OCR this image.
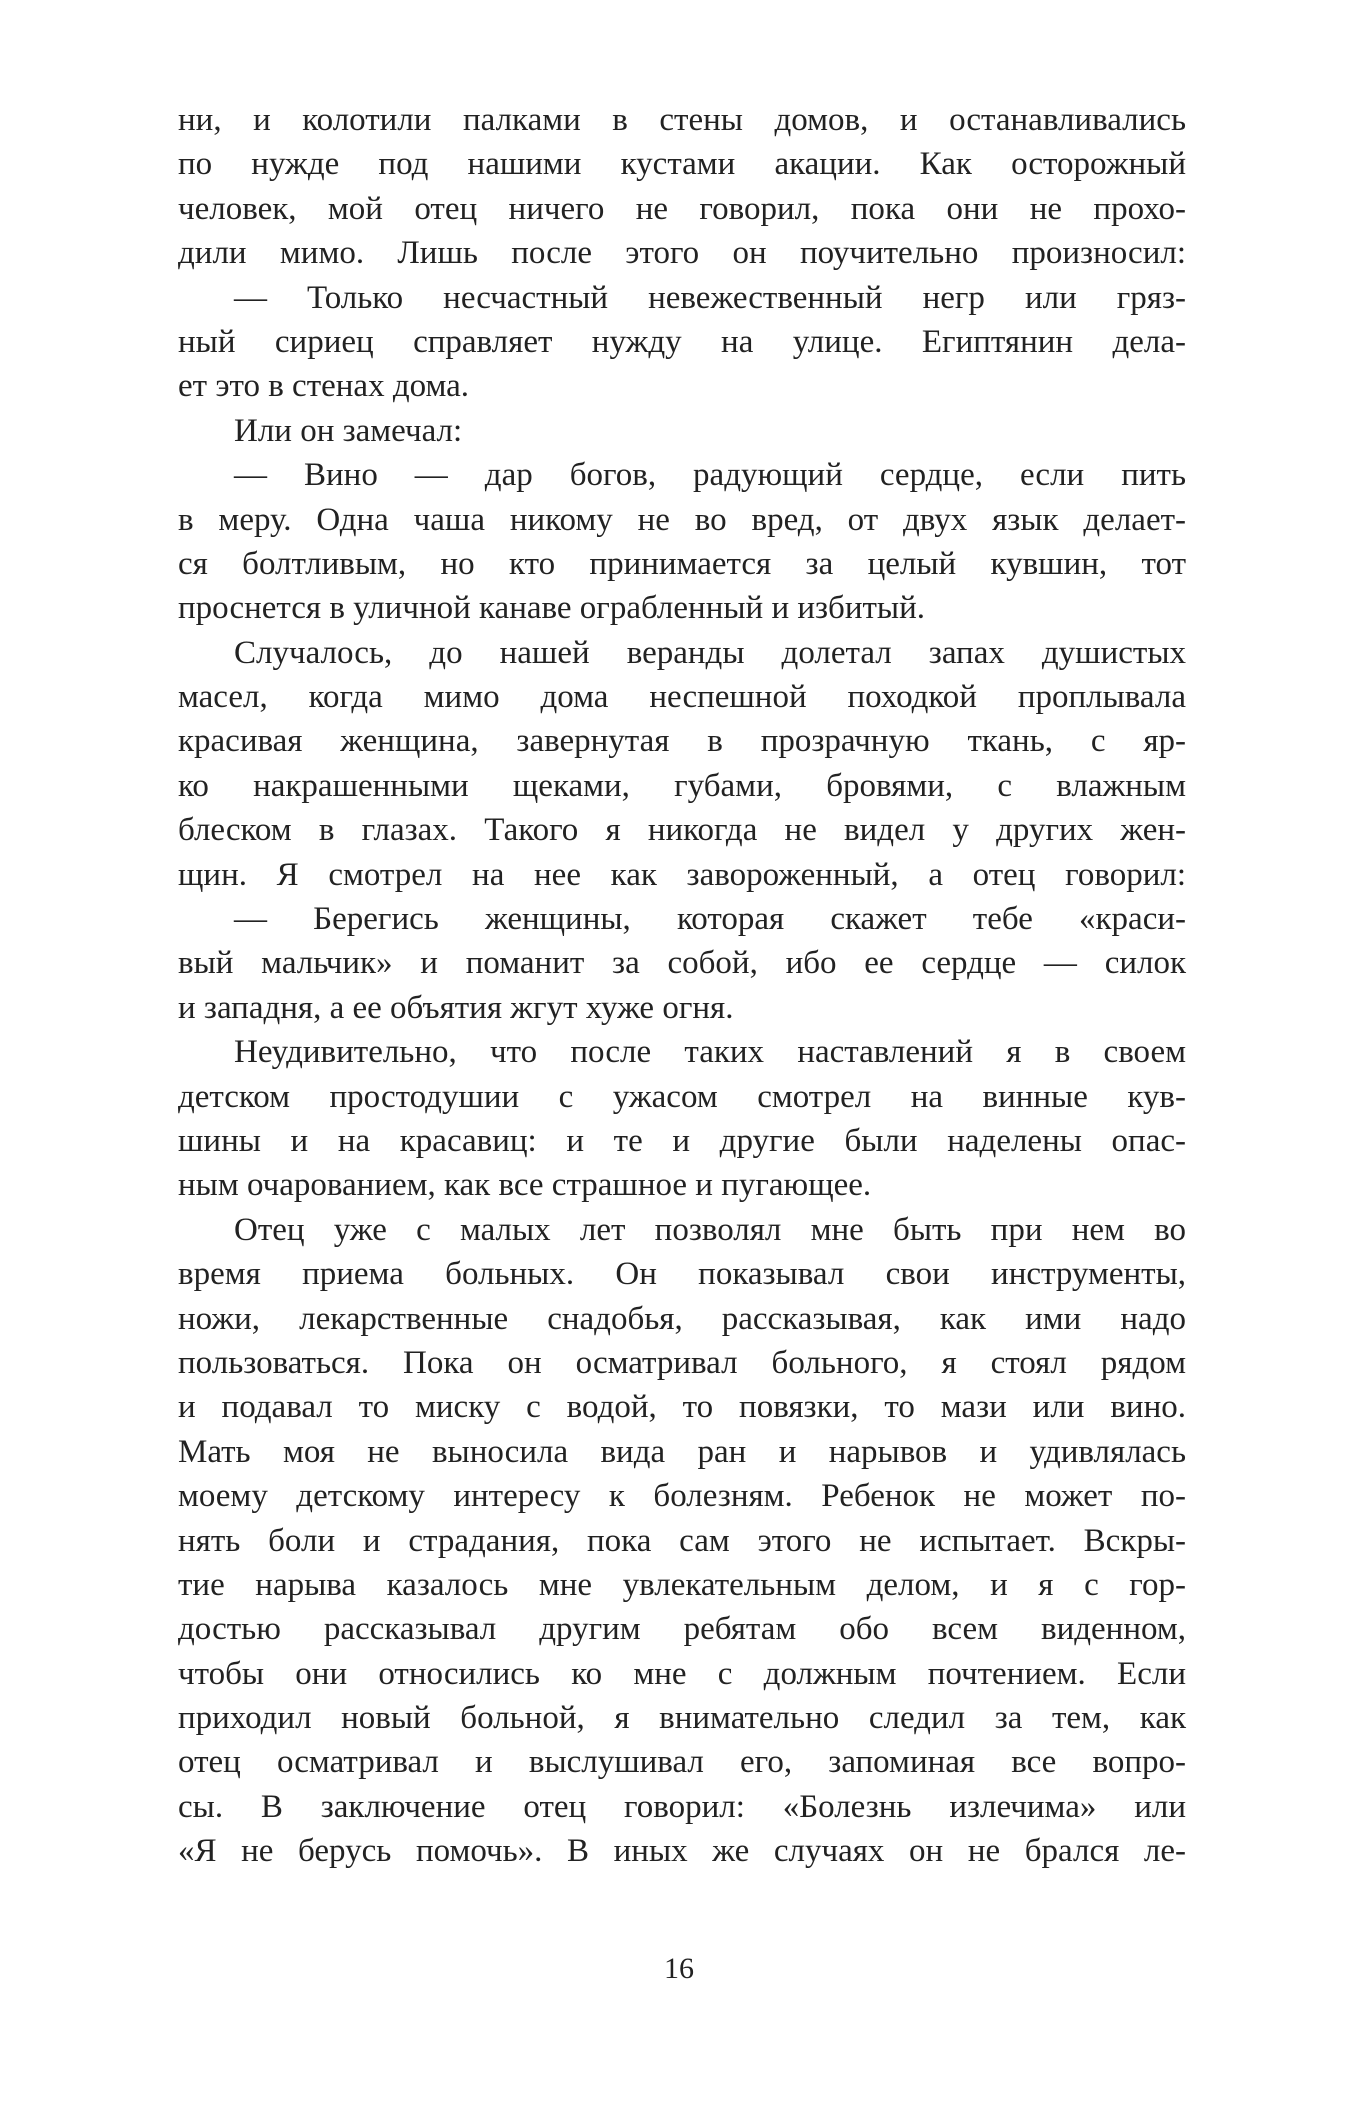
ни, и колотили палками в стены домов, и останавливались
по нужде под нашими кустами акации. Как осторожный
человек, мой отец ничего не говорил, пока они не прохо-
дили мимо. Лишь после этого он поучительно произносил:
— Только несчастный невежественный негр или гряз-
ный сириец справляет нужду на улице. Египтянин дела-
ет это в стенах дома.
Или он замечал:
— Вино — дар богов, радующий сердце, если пить
в меру. Одна чаша никому не во вред, от двух язык делает-
ся болтливым, но кто принимается за целый кувшин, тот
проснется в уличной канаве ограбленный и избитый.
Случалось, до нашей веранды долетал запах душистых
масел, когда мимо дома неспешной походкой проплывала
красивая женщина, завернутая в прозрачную ткань, с яр-
ко накрашенными щеками, губами, бровями, с влажным
блеском в глазах. Такого я никогда не видел у других жен-
щин. Я смотрел на нее как завороженный, а отец говорил:
— Берегись женщины, которая скажет тебе «краси-
вый мальчик» и поманит за собой, ибо ее сердце — силок
и западня, а ее объятия жгут хуже огня.
Неудивительно, что после таких наставлений я в своем
детском простодушии с ужасом смотрел на винные кув-
шины и на красавиц: и те и другие были наделены опас-
ным очарованием, как все страшное и пугающее.
Отец уже с малых лет позволял мне быть при нем во
время приема больных. Он показывал свои инструменты,
ножи, лекарственные снадобья, рассказывая, как ими надо
пользоваться. Пока он осматривал больного, я стоял рядом
и подавал то миску с водой, то повязки, то мази или вино.
Мать моя не выносила вида ран и нарывов и удивлялась
моему детскому интересу к болезням. Ребенок не может по-
нять боли и страдания, пока сам этого не испытает. Вскры-
тие нарыва казалось мне увлекательным делом, и я с гор-
достью рассказывал другим ребятам обо всем виденном,
чтобы они относились ко мне с должным почтением. Если
приходил новый больной, я внимательно следил за тем, как
отец осматривал и выслушивал его, запоминая все вопро-
сы. В заключение отец говорил: «Болезнь излечима» или
«Я не берусь помочь». В иных же случаях он не брался ле-
16
